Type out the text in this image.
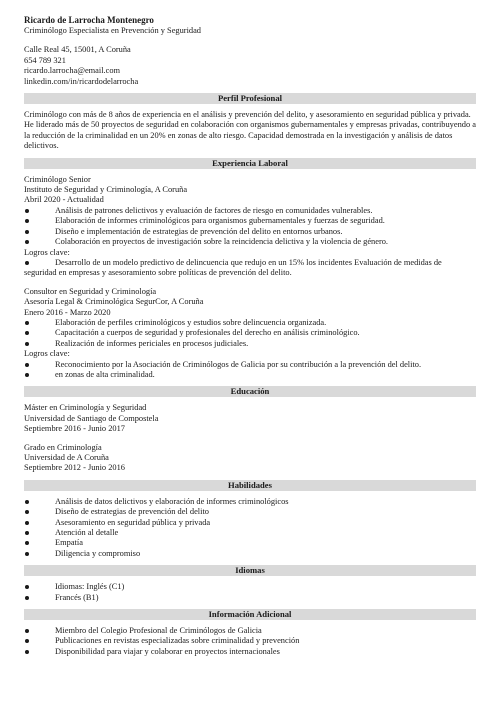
Ricardo de Larrocha Montenegro
Criminólogo Especialista en Prevención y Seguridad
Calle Real 45, 15001, A Coruña
654 789 321
ricardo.larrocha@email.com
linkedin.com/in/ricardodelarrocha
Perfil Profesional
Criminólogo con más de 8 años de experiencia en el análisis y prevención del delito, y asesoramiento en seguridad pública y privada. He liderado más de 50 proyectos de seguridad en colaboración con organismos gubernamentales y empresas privadas, contribuyendo a la reducción de la criminalidad en un 20% en zonas de alto riesgo. Capacidad demostrada en la investigación y análisis de datos delictivos.
Experiencia Laboral
Criminólogo Senior
Instituto de Seguridad y Criminología, A Coruña
Abril 2020 - Actualidad
Análisis de patrones delictivos y evaluación de factores de riesgo en comunidades vulnerables.
Elaboración de informes criminológicos para organismos gubernamentales y fuerzas de seguridad.
Diseño e implementación de estrategias de prevención del delito en entornos urbanos.
Colaboración en proyectos de investigación sobre la reincidencia delictiva y la violencia de género.
Logros clave:
Desarrollo de un modelo predictivo de delincuencia que redujo en un 15% los incidentes Evaluación de medidas de seguridad en empresas y asesoramiento sobre políticas de prevención del delito.
Consultor en Seguridad y Criminología
Asesoría Legal & Criminológica SegurCor, A Coruña
Enero 2016 - Marzo 2020
Elaboración de perfiles criminológicos y estudios sobre delincuencia organizada.
Capacitación a cuerpos de seguridad y profesionales del derecho en análisis criminológico.
Realización de informes periciales en procesos judiciales.
Logros clave:
Reconocimiento por la Asociación de Criminólogos de Galicia por su contribución a la prevención del delito.
en zonas de alta criminalidad.
Educación
Máster en Criminología y Seguridad
Universidad de Santiago de Compostela
Septiembre 2016 - Junio 2017
Grado en Criminología
Universidad de A Coruña
Septiembre 2012 - Junio 2016
Habilidades
Análisis de datos delictivos y elaboración de informes criminológicos
Diseño de estrategias de prevención del delito
Asesoramiento en seguridad pública y privada
Atención al detalle
Empatía
Diligencia y compromiso
Idiomas
Idiomas: Inglés (C1)
Francés (B1)
Información Adicional
Miembro del Colegio Profesional de Criminólogos de Galicia
Publicaciones en revistas especializadas sobre criminalidad y prevención
Disponibilidad para viajar y colaborar en proyectos internacionales
